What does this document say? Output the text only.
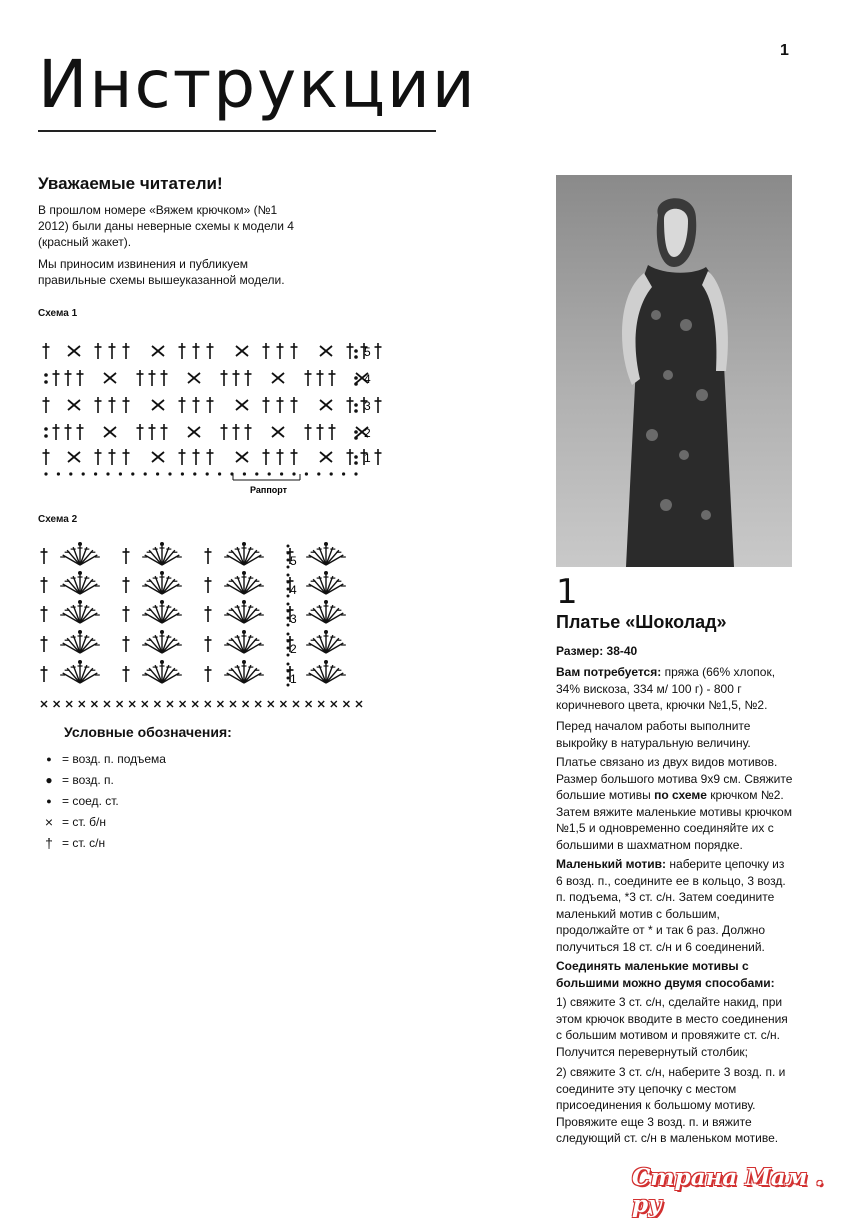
1
Инструкции
Уважаемые читатели!
В прошлом номере «Вяжем крючком» (№1 2012) были даны неверные схемы к модели 4 (красный жакет).
Мы приносим извинения и публикуем правильные схемы вышеуказанной модели.
Схема 1
5
4
3
2
1
Раппорт
Схема 2
5
4
3
2
1
Условные обозначения:
● = возд. п. подъема
● = возд. п.
● = соед. ст.
× = ст. б/н
† = ст. с/н
1
Платье «Шоколад»
Размер: 38-40
Вам потребуется: пряжа (66% хлопок, 34% вискоза, 334 м/ 100 г) - 800 г коричневого цвета, крючки №1,5, №2.
Перед началом работы выполните выкройку в натуральную величину.
Платье связано из двух видов мотивов. Размер большого мотива 9x9 см. Свяжите большие мотивы по схеме крючком №2. Затем вяжите маленькие мотивы крючком №1,5 и одновременно соединяйте их с большими в шахматном порядке.
Маленький мотив: наберите цепочку из 6 возд. п., соедините ее в кольцо, 3 возд. п. подъема, *3 ст. с/н. Затем соедините маленький мотив с большим, продолжайте от * и так 6 раз. Должно получиться 18 ст. с/н и 6 соединений.
Соединять маленькие мотивы с большими можно двумя способами:
1) свяжите 3 ст. с/н, сделайте накид, при этом крючок вводите в место соединения с большим мотивом и провяжите ст. с/н. Получится перевернутый столбик;
2) свяжите 3 ст. с/н, наберите 3 возд. п. и соедините эту цепочку с местом присоединения к большому мотиву. Провяжите еще 3 возд. п. и вяжите следующий ст. с/н в маленьком мотиве.
Страна Мам . ру
